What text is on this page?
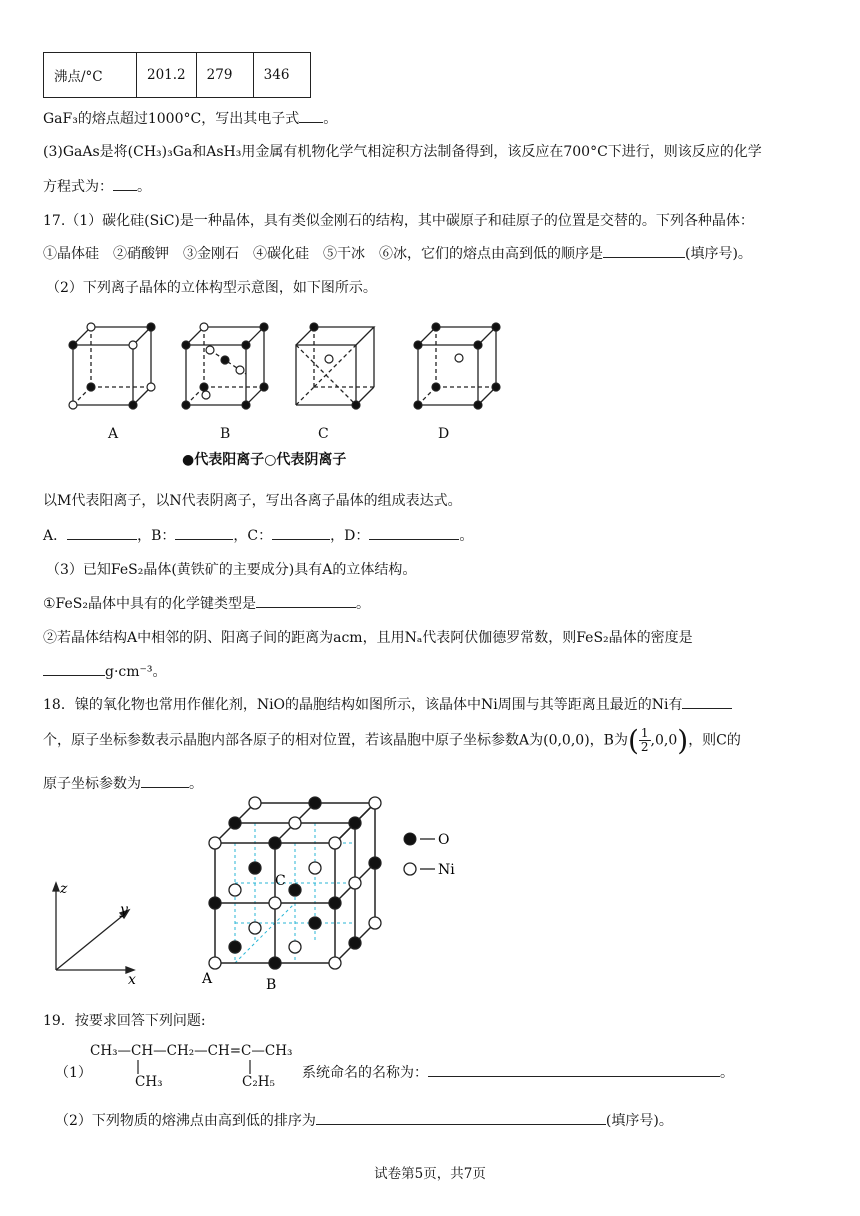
沸点/°C	201.2	279	346
GaF₃的熔点超过1000°C，写出其电子式 。
(3)GaAs是将(CH₃)₃Ga和AsH₃用金属有机物化学气相淀积方法制备得到，该反应在700°C下进行，则该反应的化学
方程式为： 。
17.（1）碳化硅(SiC)是一种晶体，具有类似金刚石的结构，其中碳原子和硅原子的位置是交替的。下列各种晶体：
①晶体硅　②硝酸钾　③金刚石　④碳化硅　⑤干冰　⑥冰，它们的熔点由高到低的顺序是	(填序号)。
（2）下列离子晶体的立体构型示意图，如下图所示。
A	B	C	D
●代表阳离子○代表阴离子
以M代表阳离子，以N代表阴离子，写出各离子晶体的组成表达式。
A．	，B：	，C：	，D：	。
（3）已知FeS₂晶体(黄铁矿的主要成分)具有A的立体结构。
①FeS₂晶体中具有的化学键类型是	。
②若晶体结构A中相邻的阴、阳离子间的距离为acm，且用Nₐ代表阿伏伽德罗常数，则FeS₂晶体的密度是
g·cm⁻³。
18．镍的氧化物也常用作催化剂，NiO的晶胞结构如图所示，该晶体中Ni周围与其等距离且最近的Ni有
个，原子坐标参数表示晶胞内部各原子的相对位置，若该晶胞中原子坐标参数A为(0,0,0)，B为( $\frac{1}{2} ,0,0$)，则C的
原子坐标参数为	。
z
y
x	A	B
C
O
Ni
19．按要求回答下列问题:
（1）
CH₃—CH—CH₂—CH=C—CH₃
CH₃	C₂H₅
系统命名的名称为：	。
（2）下列物质的熔沸点由高到低的排序为	(填序号)。
试卷第5页，共7页
